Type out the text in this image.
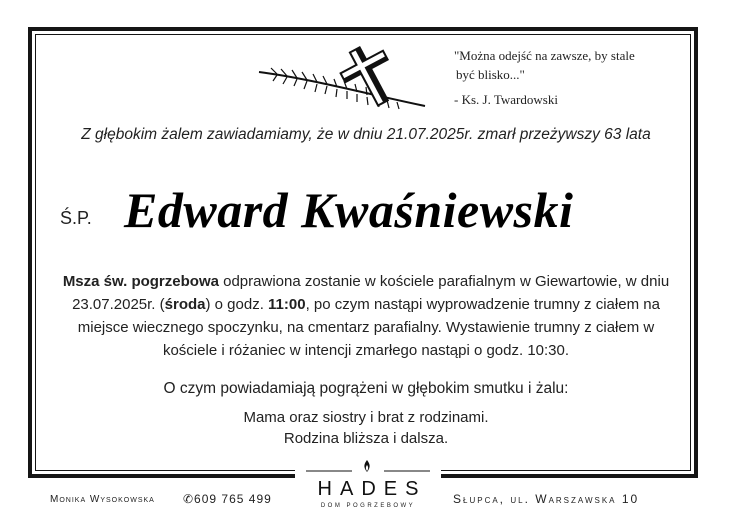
"Można odejść na zawsze, by stale
być blisko..."
- Ks. J. Twardowski
Z głębokim żalem zawiadamiamy, że w dniu 21.07.2025r. zmarł przeżywszy 63 lata
Ś.P. Edward Kwaśniewski
Msza św. pogrzebowa odprawiona zostanie w kościele parafialnym w Giewartowie, w dniu 23.07.2025r. (środa) o godz. 11:00, po czym nastąpi wyprowadzenie trumny z ciałem na miejsce wiecznego spoczynku, na cmentarz parafialny. Wystawienie trumny z ciałem w kościele i różaniec w intencji zmarłego nastąpi o godz. 10:30.
O czym powiadamiają pogrążeni w głębokim smutku i żalu:
Mama oraz siostry i brat z rodzinami.
Rodzina bliższa i dalsza.
Monika Wysokowska ✆609 765 499	HADES
DOM POGRZEBOWY	Słupca, ul. Warszawska 10
